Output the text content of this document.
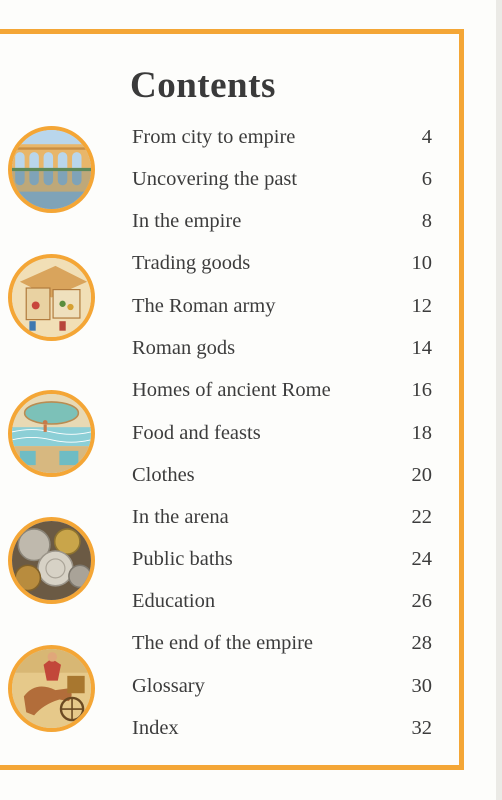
Contents
From city to empire	4
Uncovering the past	6
In the empire	8
Trading goods	10
The Roman army	12
Roman gods	14
Homes of ancient Rome	16
Food and feasts	18
Clothes	20
In the arena	22
Public baths	24
Education	26
The end of the empire	28
Glossary	30
Index	32
